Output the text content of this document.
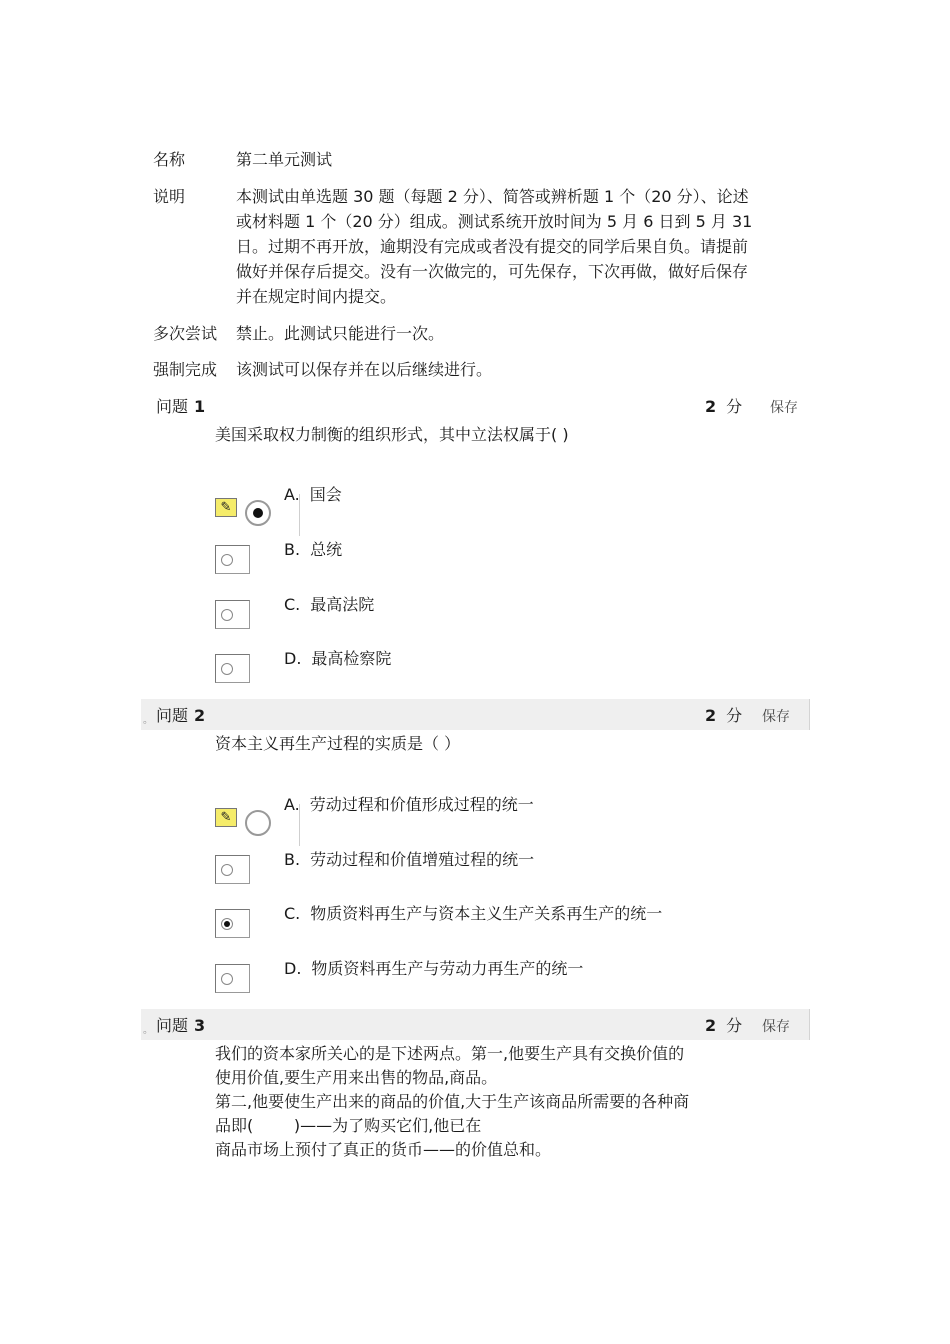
名称	第二单元测试
说明	本测试由单选题 30 题（每题 2 分）、简答或辨析题 1 个（20 分）、论述
或材料题 1 个（20 分）组成。测试系统开放时间为 5 月 6 日到 5 月 31
日。过期不再开放，逾期没有完成或者没有提交的同学后果自负。请提前
做好并保存后提交。没有一次做完的，可先保存，下次再做，做好后保存
并在规定时间内提交。
多次尝试	禁止。此测试只能进行一次。
强制完成	该测试可以保存并在以后继续进行。
问题 1	2 分 保存
美国采取权力制衡的组织形式，其中立法权属于( )
✎
A. 国会
B. 总统
C. 最高法院
D. 最高检察院
。 问题 2	2 分 保存
资本主义再生产过程的实质是（ ）
✎
A. 劳动过程和价值形成过程的统一
B. 劳动过程和价值增殖过程的统一
C. 物质资料再生产与资本主义生产关系再生产的统一
D. 物质资料再生产与劳动力再生产的统一
。 问题 3	2 分 保存
我们的资本家所关心的是下述两点。第一,他要生产具有交换价值的
使用价值,要生产用来出售的物品,商品。
第二,他要使生产出来的商品的价值,大于生产该商品所需要的各种商
品即(        )——为了购买它们,他已在
商品市场上预付了真正的货币——的价值总和。
